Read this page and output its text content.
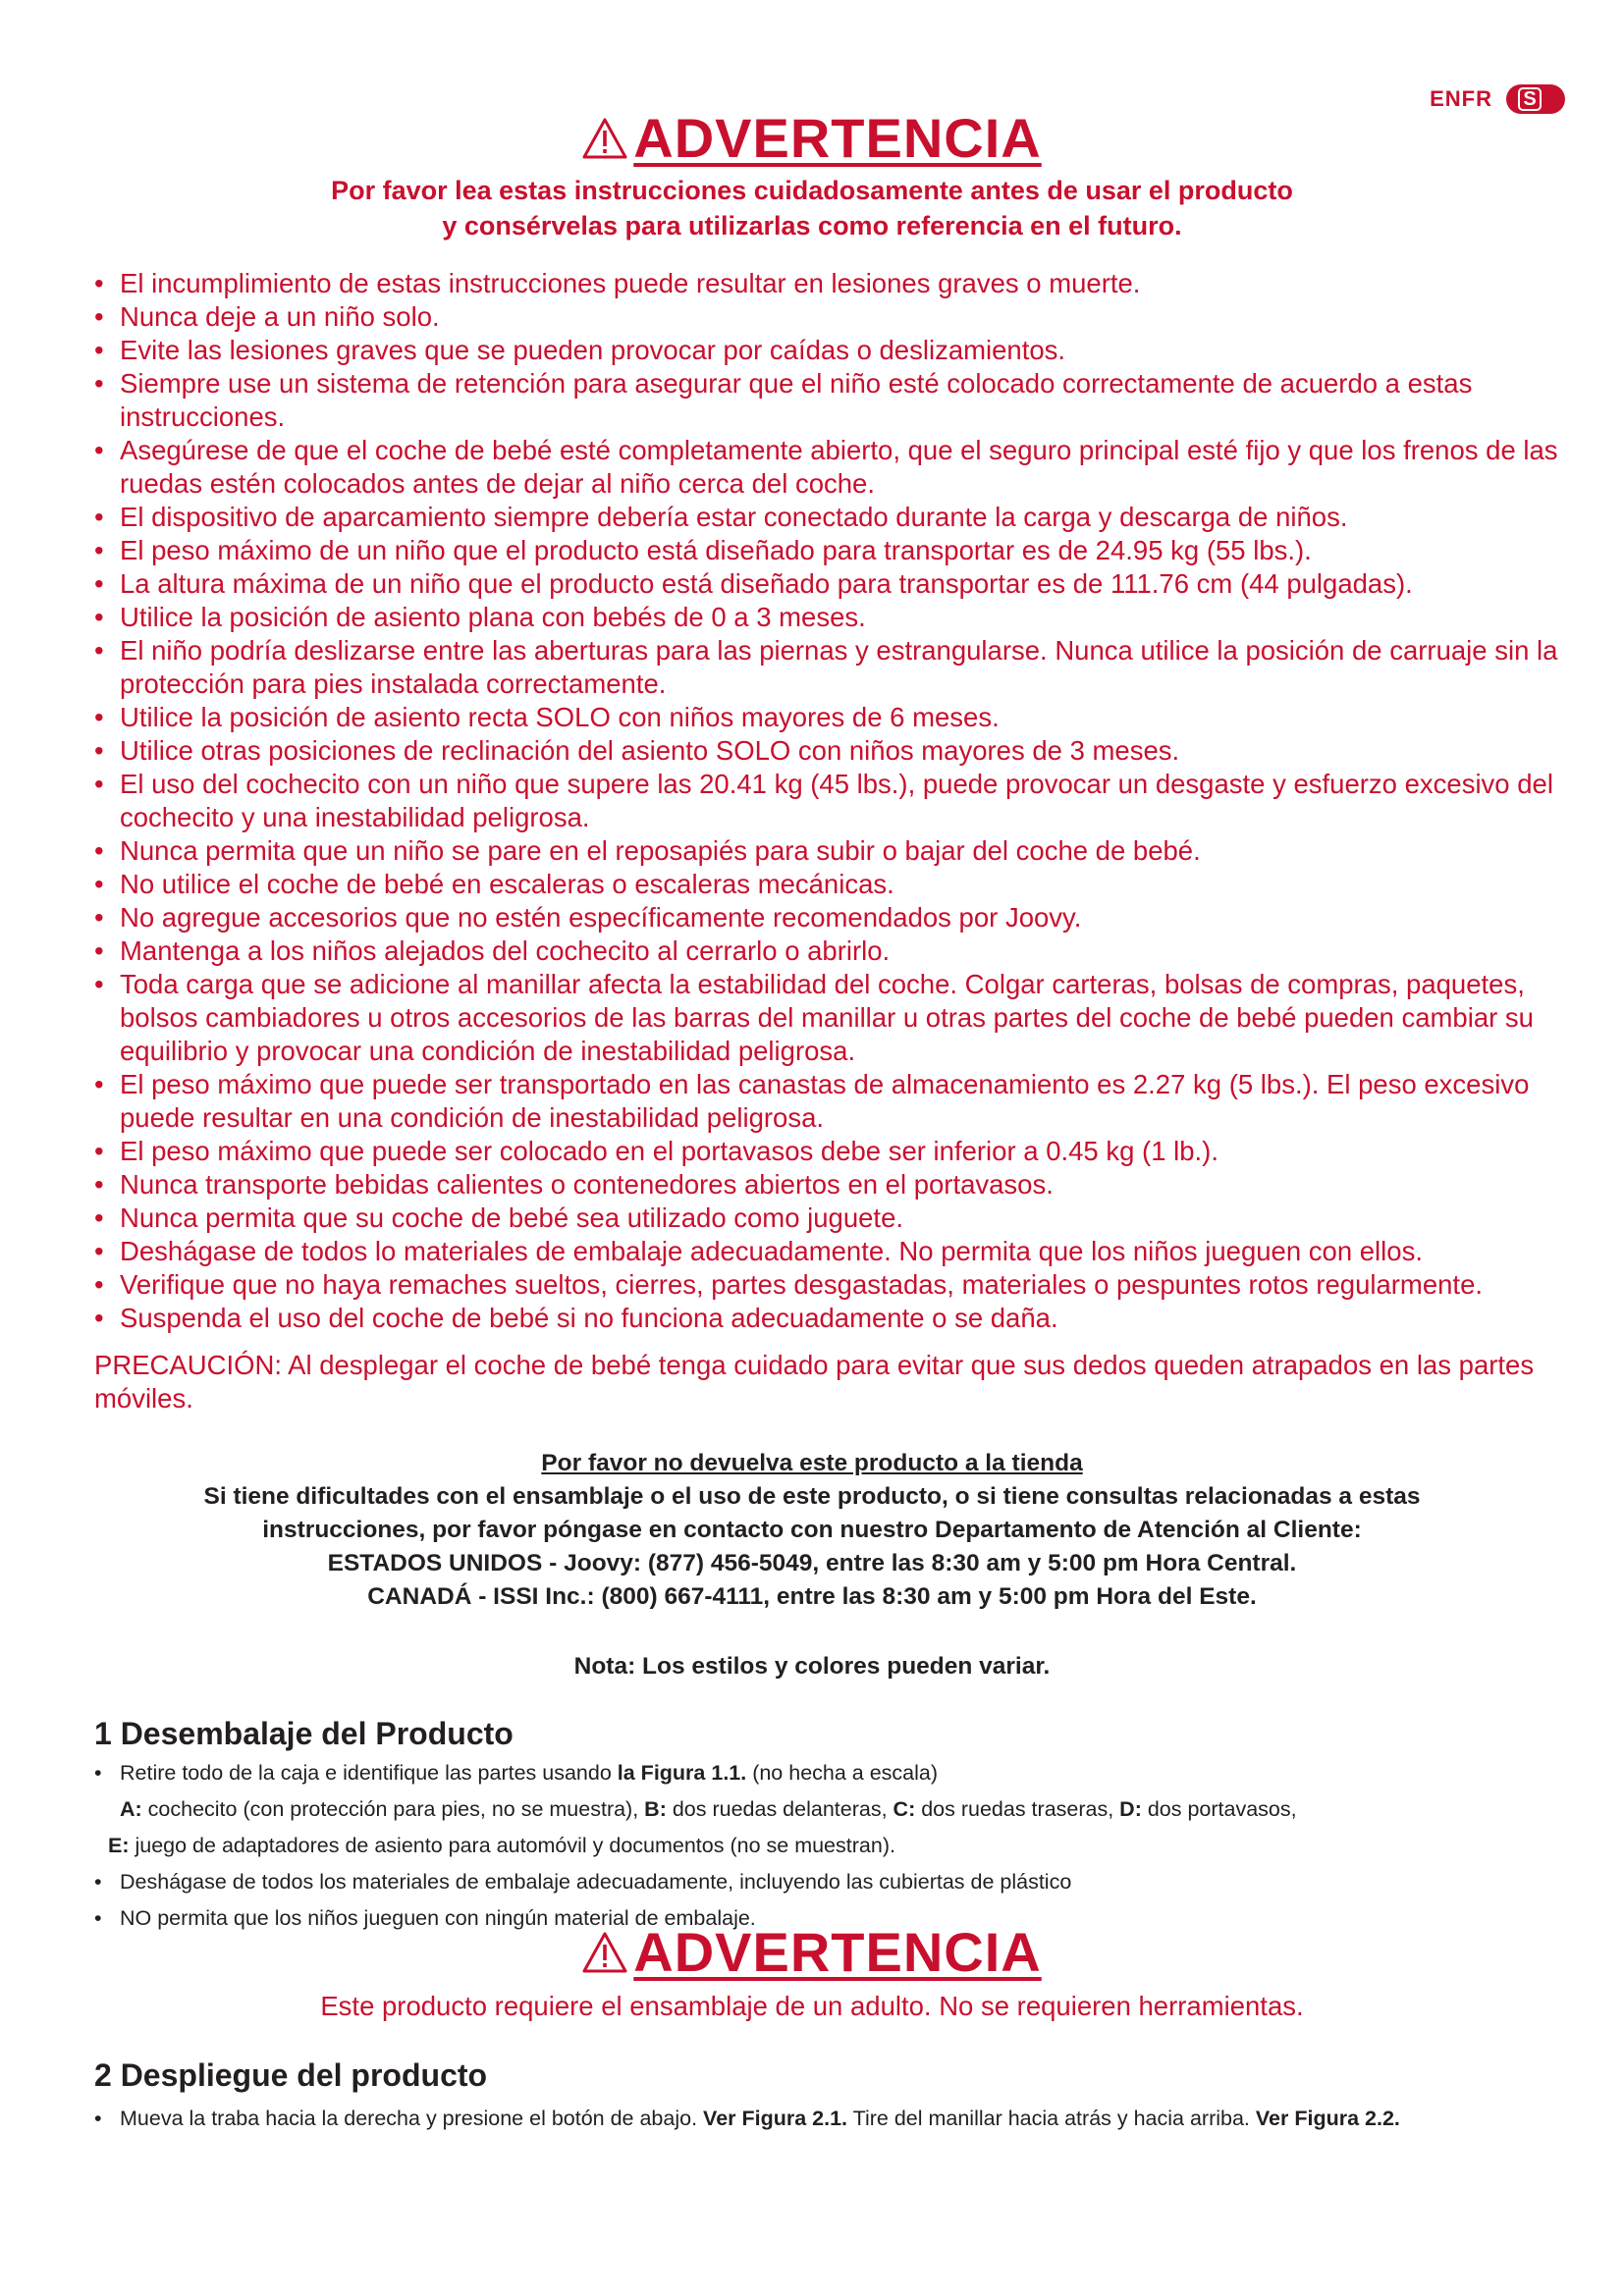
ENFR S
ADVERTENCIA
Por favor lea estas instrucciones cuidadosamente antes de usar el producto
y consérvelas para utilizarlas como referencia en el futuro.
• El incumplimiento de estas instrucciones puede resultar en lesiones graves o muerte.
• Nunca deje a un niño solo.
• Evite las lesiones graves que se pueden provocar por caídas o deslizamientos.
• Siempre use un sistema de retención para asegurar que el niño esté colocado correctamente de acuerdo a estas instrucciones.
• Asegúrese de que el coche de bebé esté completamente abierto, que el seguro principal esté fijo y que los frenos de las ruedas estén colocados antes de dejar al niño cerca del coche.
• El dispositivo de aparcamiento siempre debería estar conectado durante la carga y descarga de niños.
• El peso máximo de un niño que el producto está diseñado para transportar es de 24.95 kg (55 lbs.).
• La altura máxima de un niño que el producto está diseñado para transportar es de 111.76 cm (44 pulgadas).
• Utilice la posición de asiento plana con bebés de 0 a 3 meses.
• El niño podría deslizarse entre las aberturas para las piernas y estrangularse. Nunca utilice la posición de carruaje sin la protección para pies instalada correctamente.
• Utilice la posición de asiento recta SOLO con niños mayores de 6 meses.
• Utilice otras posiciones de reclinación del asiento SOLO con niños mayores de 3 meses.
• El uso del cochecito con un niño que supere las 20.41 kg (45 lbs.), puede provocar un desgaste y esfuerzo excesivo del cochecito y una inestabilidad peligrosa.
• Nunca permita que un niño se pare en el reposapiés para subir o bajar del coche de bebé.
• No utilice el coche de bebé en escaleras o escaleras mecánicas.
• No agregue accesorios que no estén específicamente recomendados por Joovy.
• Mantenga a los niños alejados del cochecito al cerrarlo o abrirlo.
• Toda carga que se adicione al manillar afecta la estabilidad del coche. Colgar carteras, bolsas de compras, paquetes, bolsos cambiadores u otros accesorios de las barras del manillar u otras partes del coche de bebé pueden cambiar su equilibrio y provocar una condición de inestabilidad peligrosa.
• El peso máximo que puede ser transportado en las canastas de almacenamiento es 2.27 kg (5 lbs.). El peso excesivo puede resultar en una condición de inestabilidad peligrosa.
• El peso máximo que puede ser colocado en el portavasos debe ser inferior a 0.45 kg (1 lb.).
• Nunca transporte bebidas calientes o contenedores abiertos en el portavasos.
• Nunca permita que su coche de bebé sea utilizado como juguete.
• Deshágase de todos lo materiales de embalaje adecuadamente. No permita que los niños jueguen con ellos.
• Verifique que no haya remaches sueltos, cierres, partes desgastadas, materiales o pespuntes rotos regularmente.
• Suspenda el uso del coche de bebé si no funciona adecuadamente o se daña.
PRECAUCIÓN: Al desplegar el coche de bebé tenga cuidado para evitar que sus dedos queden atrapados en las partes móviles.
Por favor no devuelva este producto a la tienda
Si tiene dificultades con el ensamblaje o el uso de este producto, o si tiene consultas relacionadas a estas
instrucciones, por favor póngase en contacto con nuestro Departamento de Atención al Cliente:
ESTADOS UNIDOS - Joovy: (877) 456-5049, entre las 8:30 am y 5:00 pm Hora Central.
CANADÁ - ISSI Inc.: (800) 667-4111, entre las 8:30 am y 5:00 pm Hora del Este.
Nota: Los estilos y colores pueden variar.
1 Desembalaje del Producto
• Retire todo de la caja e identifique las partes usando la Figura 1.1. (no hecha a escala)
A: cochecito (con protección para pies, no se muestra), B: dos ruedas delanteras, C: dos ruedas traseras, D: dos portavasos,
E: juego de adaptadores de asiento para automóvil y documentos (no se muestran).
• Deshágase de todos los materiales de embalaje adecuadamente, incluyendo las cubiertas de plástico
• NO permita que los niños jueguen con ningún material de embalaje.
ADVERTENCIA
Este producto requiere el ensamblaje de un adulto. No se requieren herramientas.
2 Despliegue del producto
• Mueva la traba hacia la derecha y presione el botón de abajo. Ver Figura 2.1. Tire del manillar hacia atrás y hacia arriba. Ver Figura 2.2.
